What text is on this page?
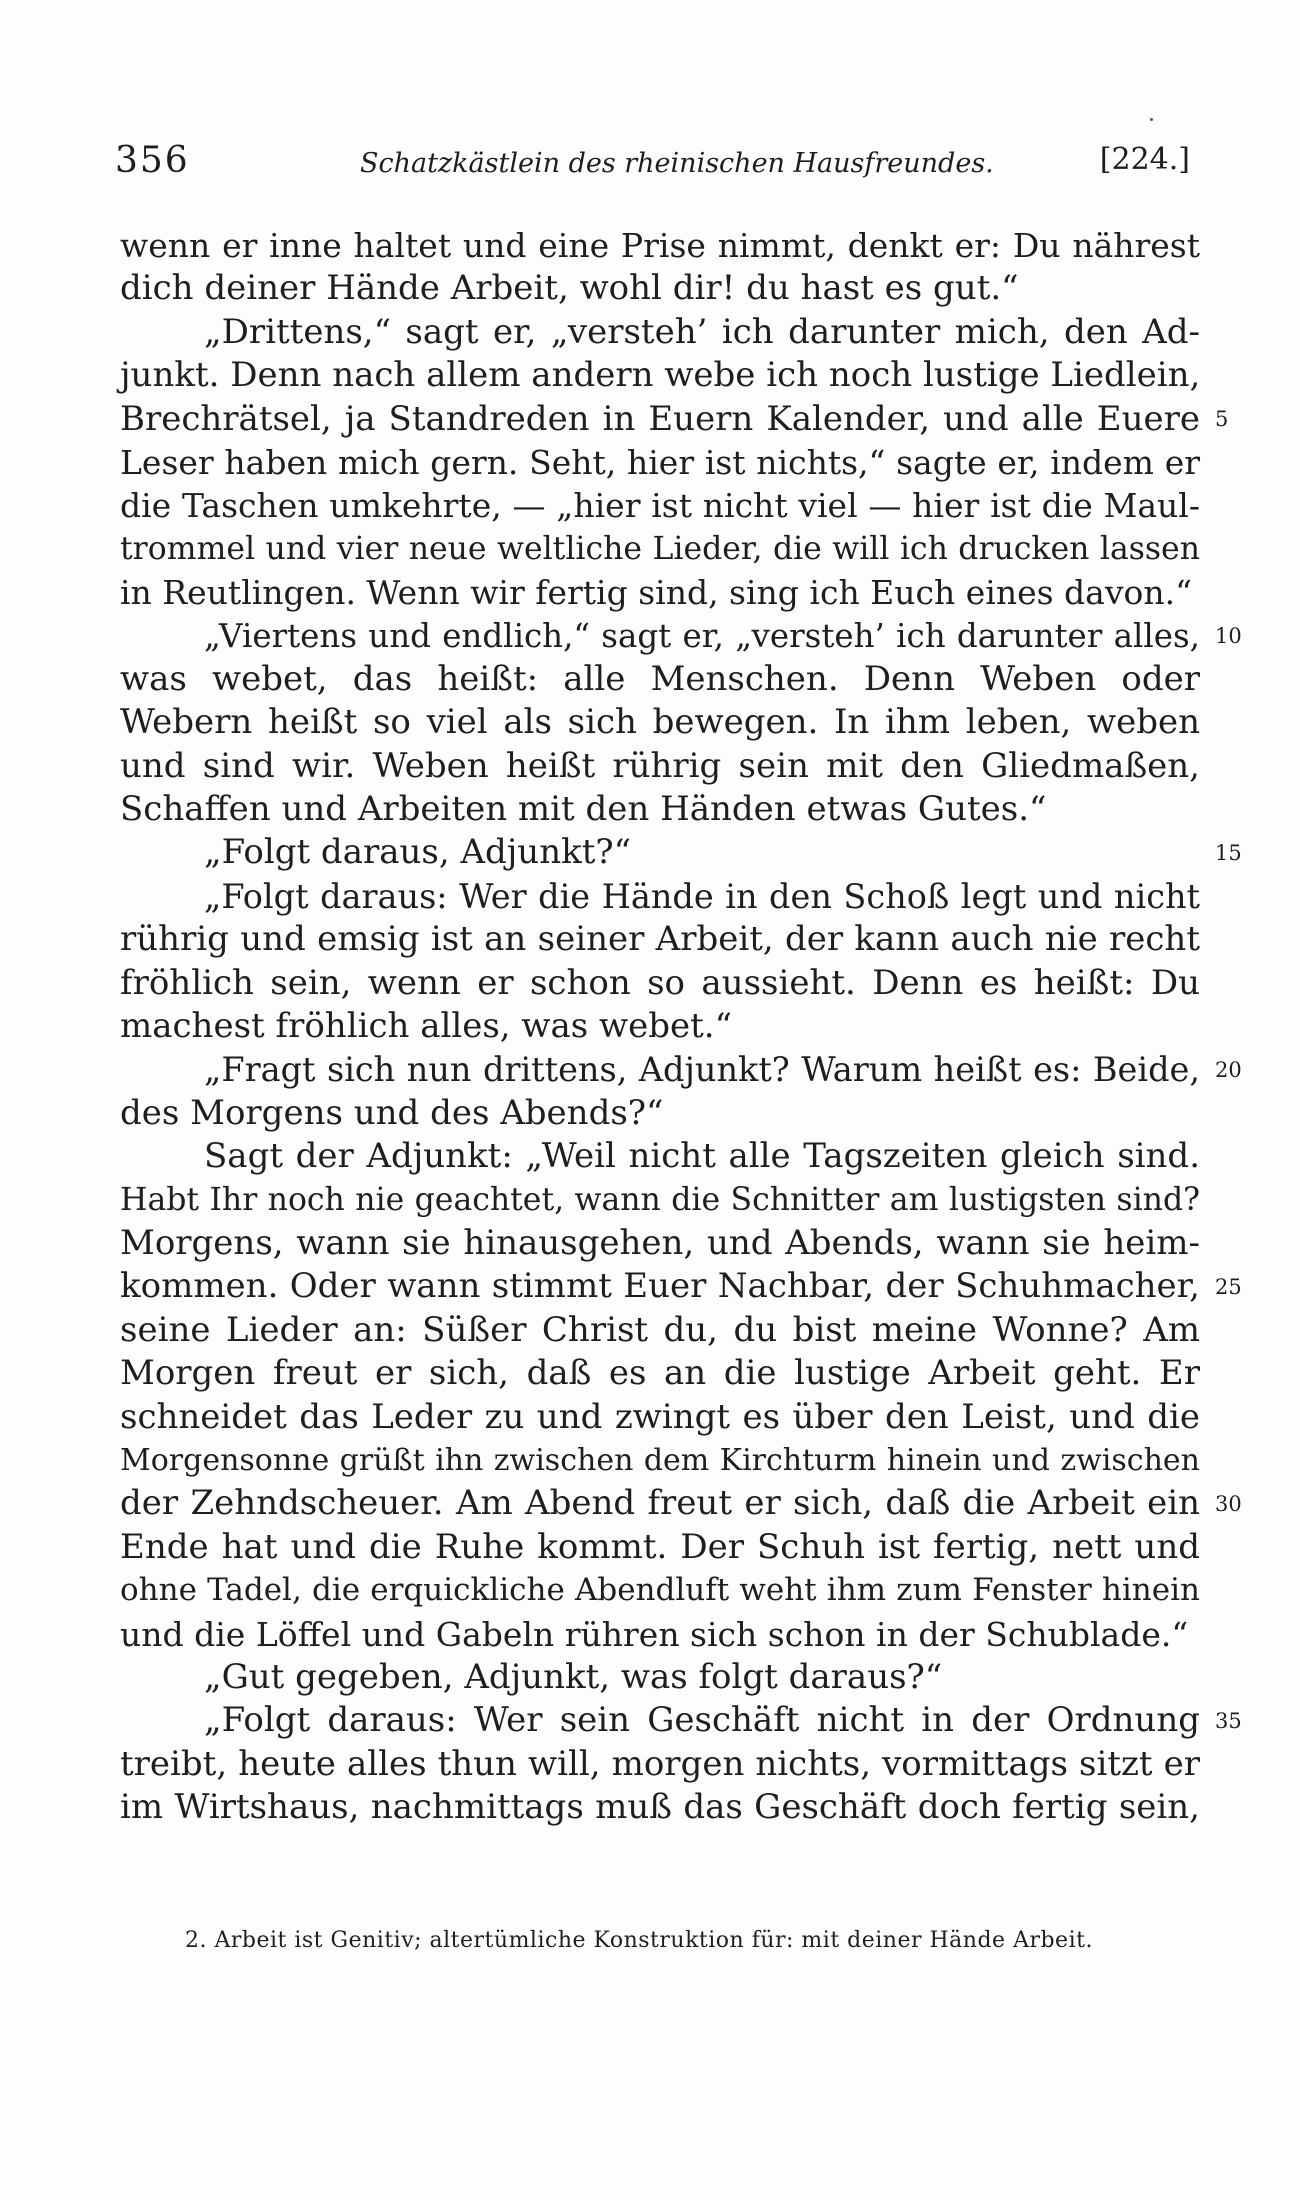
356	Schatzkästlein des rheinischen Hausfreundes.	[224.]
wenn er inne haltet und eine Prise nimmt, denkt er: Du nährest
dich deiner Hände Arbeit, wohl dir! du hast es gut.“
„Drittens,“ sagt er, „versteh’ ich darunter mich, den Ad-
junkt. Denn nach allem andern webe ich noch lustige Liedlein,
Brechrätsel, ja Standreden in Euern Kalender, und alle Euere
Leser haben mich gern. Seht, hier ist nichts,“ sagte er, indem er
die Taschen umkehrte, — „hier ist nicht viel — hier ist die Maul-
trommel und vier neue weltliche Lieder, die will ich drucken lassen
in Reutlingen. Wenn wir fertig sind, sing ich Euch eines davon.“
„Viertens und endlich,“ sagt er, „versteh’ ich darunter alles,
was webet, das heißt: alle Menschen. Denn Weben oder
Webern heißt so viel als sich bewegen. In ihm leben, weben
und sind wir. Weben heißt rührig sein mit den Gliedmaßen,
Schaffen und Arbeiten mit den Händen etwas Gutes.“
„Folgt daraus, Adjunkt?“
„Folgt daraus: Wer die Hände in den Schoß legt und nicht
rührig und emsig ist an seiner Arbeit, der kann auch nie recht
fröhlich sein, wenn er schon so aussieht. Denn es heißt: Du
machest fröhlich alles, was webet.“
„Fragt sich nun drittens, Adjunkt? Warum heißt es: Beide,
des Morgens und des Abends?“
Sagt der Adjunkt: „Weil nicht alle Tagszeiten gleich sind.
Habt Ihr noch nie geachtet, wann die Schnitter am lustigsten sind?
Morgens, wann sie hinausgehen, und Abends, wann sie heim-
kommen. Oder wann stimmt Euer Nachbar, der Schuhmacher,
seine Lieder an: Süßer Christ du, du bist meine Wonne? Am
Morgen freut er sich, daß es an die lustige Arbeit geht. Er
schneidet das Leder zu und zwingt es über den Leist, und die
Morgensonne grüßt ihn zwischen dem Kirchturm hinein und zwischen
der Zehndscheuer. Am Abend freut er sich, daß die Arbeit ein
Ende hat und die Ruhe kommt. Der Schuh ist fertig, nett und
ohne Tadel, die erquickliche Abendluft weht ihm zum Fenster hinein
und die Löffel und Gabeln rühren sich schon in der Schublade.“
„Gut gegeben, Adjunkt, was folgt daraus?“
„Folgt daraus: Wer sein Geschäft nicht in der Ordnung
treibt, heute alles thun will, morgen nichts, vormittags sitzt er
im Wirtshaus, nachmittags muß das Geschäft doch fertig sein,
2. Arbeit ist Genitiv; altertümliche Konstruktion für: mit deiner Hände Arbeit.
5
10
15
20
25
30
35
